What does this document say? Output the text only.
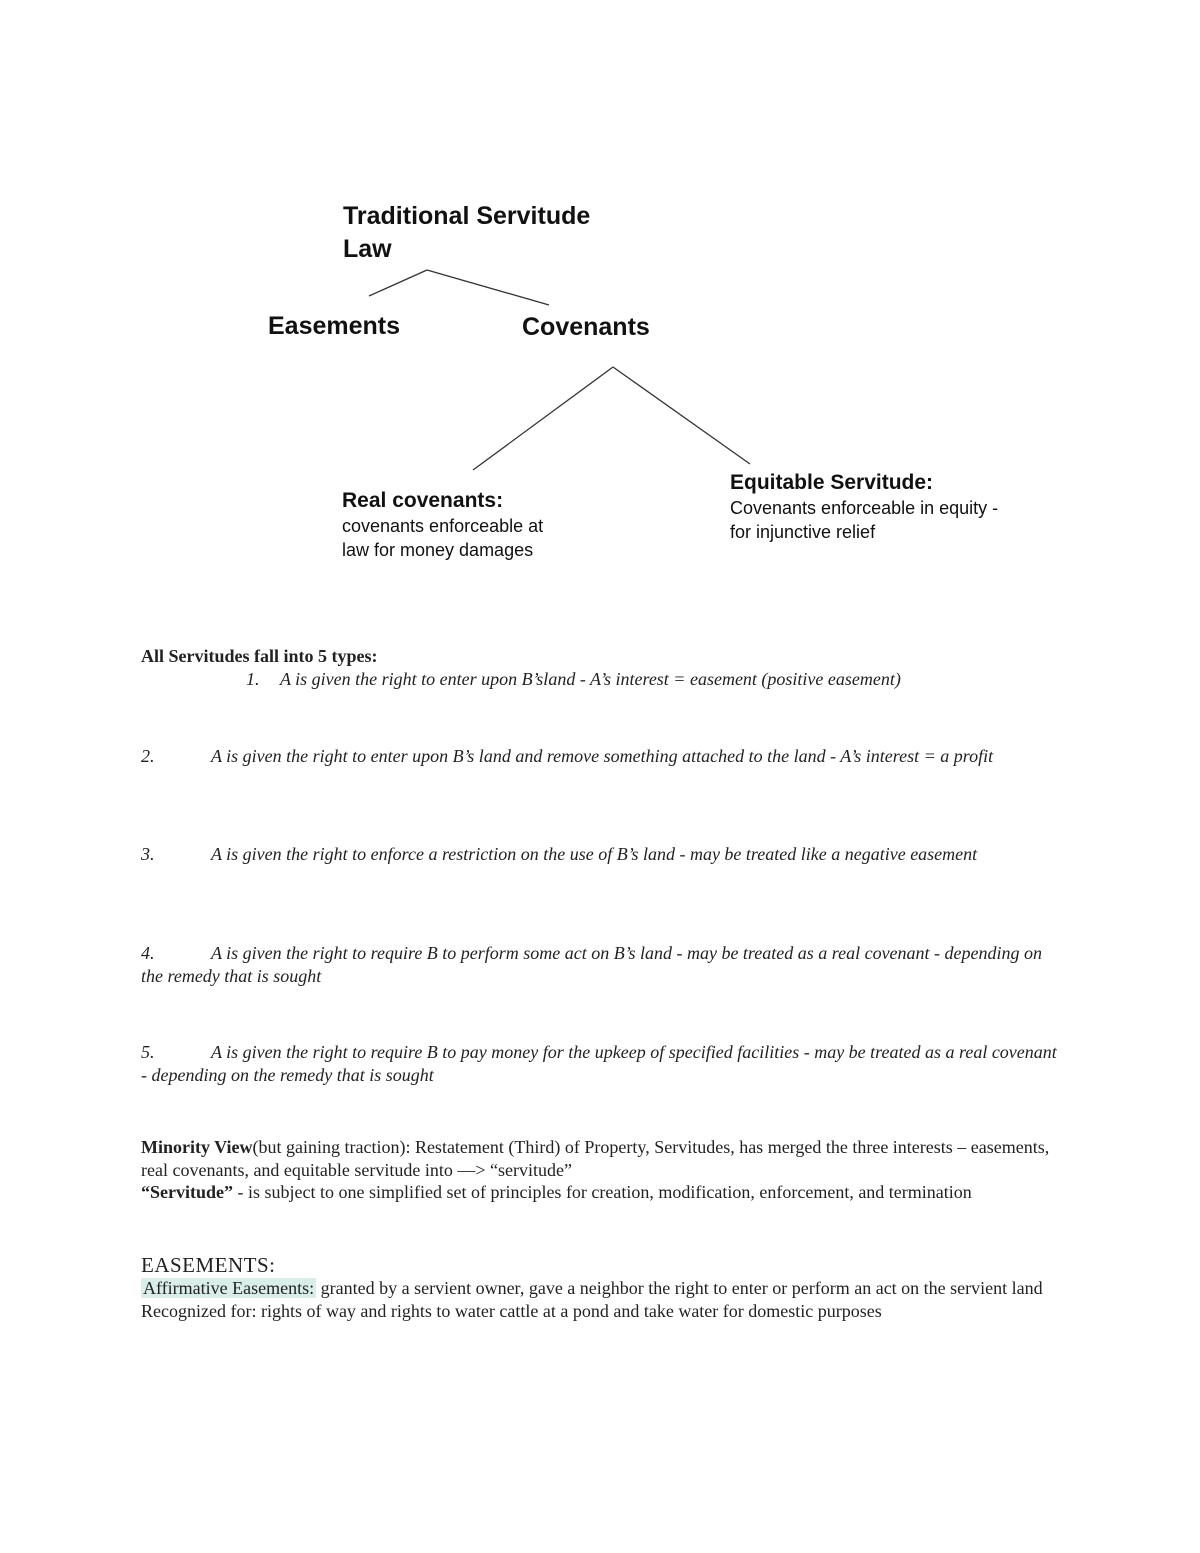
Traditional Servitude Law
Easements	Covenants
Real covenants:
covenants enforceable at law for money damages
Equitable Servitude:
Covenants enforceable in equity - for injunctive relief
All Servitudes fall into 5 types:
1. A is given the right to enter upon B’sland - A’s interest = easement (positive easement)
2.	A is given the right to enter upon B’s land and remove something attached to the land - A’s interest = a profit
3.	A is given the right to enforce a restriction on the use of B’s land - may be treated like a negative easement
4.	A is given the right to require B to perform some act on B’s land - may be treated as a real covenant - depending on the remedy that is sought
5.	A is given the right to require B to pay money for the upkeep of specified facilities - may be treated as a real covenant - depending on the remedy that is sought
Minority View(but gaining traction): Restatement (Third) of Property, Servitudes, has merged the three interests – easements, real covenants, and equitable servitude into —> “servitude”
“Servitude” - is subject to one simplified set of principles for creation, modification, enforcement, and termination
EASEMENTS:
Affirmative Easements: granted by a servient owner, gave a neighbor the right to enter or perform an act on the servient land
Recognized for: rights of way and rights to water cattle at a pond and take water for domestic purposes
